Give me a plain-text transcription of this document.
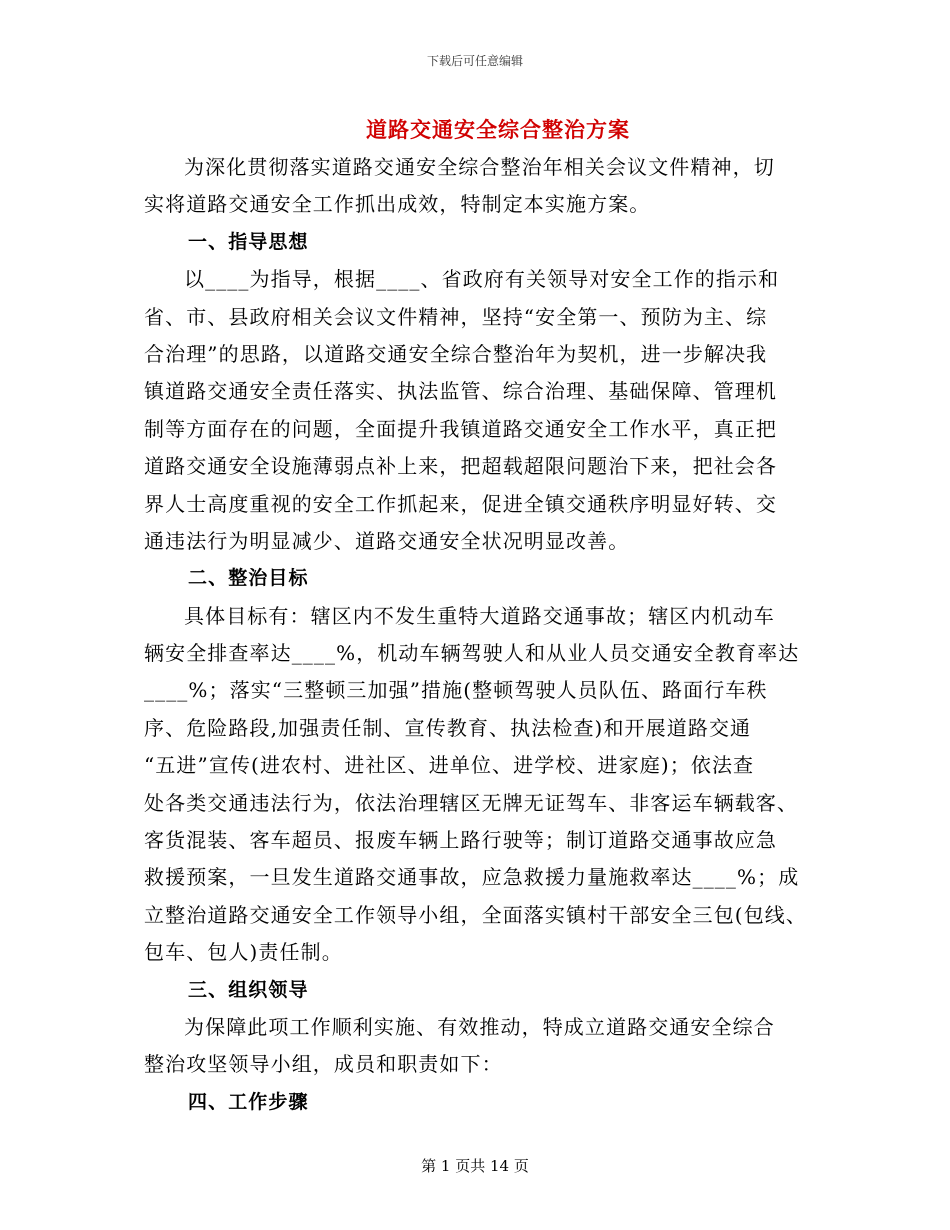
下载后可任意编辑
道路交通安全综合整治方案
为深化贯彻落实道路交通安全综合整治年相关会议文件精神，切
实将道路交通安全工作抓出成效，特制定本实施方案。
一、指导思想
以____为指导，根据____、省政府有关领导对安全工作的指示和
省、市、县政府相关会议文件精神，坚持“安全第一、预防为主、综
合治理”的思路，以道路交通安全综合整治年为契机，进一步解决我
镇道路交通安全责任落实、执法监管、综合治理、基础保障、管理机
制等方面存在的问题，全面提升我镇道路交通安全工作水平，真正把
道路交通安全设施薄弱点补上来，把超载超限问题治下来，把社会各
界人士高度重视的安全工作抓起来，促进全镇交通秩序明显好转、交
通违法行为明显减少、道路交通安全状况明显改善。
二、整治目标
具体目标有：辖区内不发生重特大道路交通事故；辖区内机动车
辆安全排查率达____%，机动车辆驾驶人和从业人员交通安全教育率达
____%；落实“三整顿三加强”措施(整顿驾驶人员队伍、路面行车秩
序、危险路段,加强责任制、宣传教育、执法检查)和开展道路交通
“五进”宣传(进农村、进社区、进单位、进学校、进家庭)；依法查
处各类交通违法行为，依法治理辖区无牌无证驾车、非客运车辆载客、
客货混装、客车超员、报废车辆上路行驶等；制订道路交通事故应急
救援预案，一旦发生道路交通事故，应急救援力量施救率达____%；成
立整治道路交通安全工作领导小组，全面落实镇村干部安全三包(包线、
包车、包人)责任制。
三、组织领导
为保障此项工作顺利实施、有效推动，特成立道路交通安全综合
整治攻坚领导小组，成员和职责如下：
四、工作步骤
第 1 页共 14 页
